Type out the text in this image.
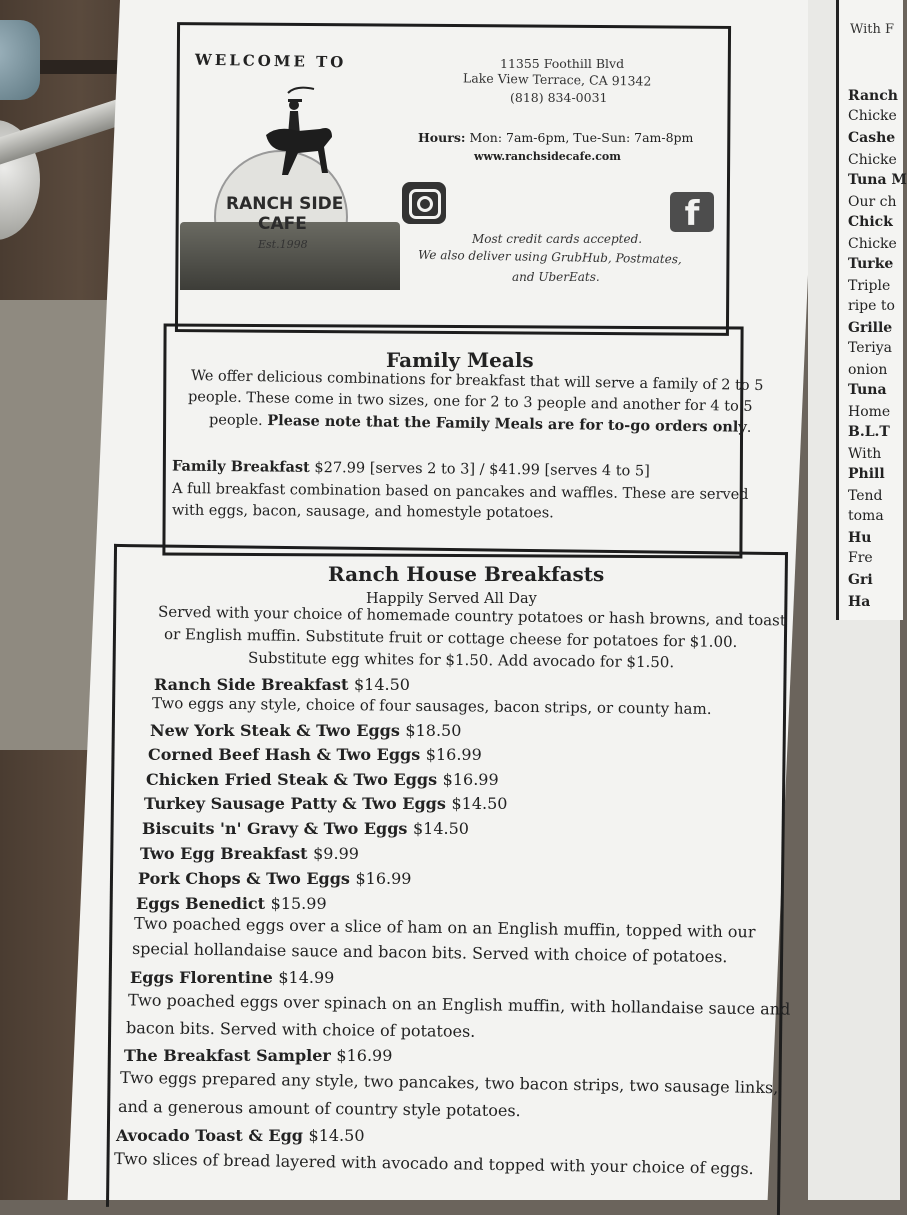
With F
Ranch
Chicke
Cashe
Chicke
Tuna M
Our ch
Chick
Chicke
Turke
Triple
ripe to
Grille
Teriya
onion
Tuna
Home
B.L.T
With
Phill
Tend
toma
Hu
Fre
Gri
Ha
WELCOME TO	11355 Foothill Blvd
Lake View Terrace, CA 91342
(818) 834-0031
Hours: Mon: 7am-6pm, Tue-Sun: 7am-8pm
www.ranchsidecafe.com
RANCH SIDE
CAFE
Est.1998
f
Most credit cards accepted.
We also deliver using GrubHub, Postmates,
and UberEats.
Family Meals
We offer delicious combinations for breakfast that will serve a family of 2 to 5
people. These come in two sizes, one for 2 to 3 people and another for 4 to 5
people. Please note that the Family Meals are for to-go orders only.
Family Breakfast $27.99 [serves 2 to 3] / $41.99 [serves 4 to 5]
A full breakfast combination based on pancakes and waffles. These are served
with eggs, bacon, sausage, and homestyle potatoes.
Ranch House Breakfasts
Happily Served All Day
Served with your choice of homemade country potatoes or hash browns, and toast
or English muffin. Substitute fruit or cottage cheese for potatoes for $1.00.
Substitute egg whites for $1.50. Add avocado for $1.50.
Ranch Side Breakfast $14.50
Two eggs any style, choice of four sausages, bacon strips, or county ham.
New York Steak & Two Eggs $18.50
Corned Beef Hash & Two Eggs $16.99
Chicken Fried Steak & Two Eggs $16.99
Turkey Sausage Patty & Two Eggs $14.50
Biscuits 'n' Gravy & Two Eggs $14.50
Two Egg Breakfast $9.99
Pork Chops & Two Eggs $16.99
Eggs Benedict $15.99
Two poached eggs over a slice of ham on an English muffin, topped with our
special hollandaise sauce and bacon bits. Served with choice of potatoes.
Eggs Florentine $14.99
Two poached eggs over spinach on an English muffin, with hollandaise sauce and
bacon bits. Served with choice of potatoes.
The Breakfast Sampler $16.99
Two eggs prepared any style, two pancakes, two bacon strips, two sausage links,
and a generous amount of country style potatoes.
Avocado Toast & Egg $14.50
Two slices of bread layered with avocado and topped with your choice of eggs.
